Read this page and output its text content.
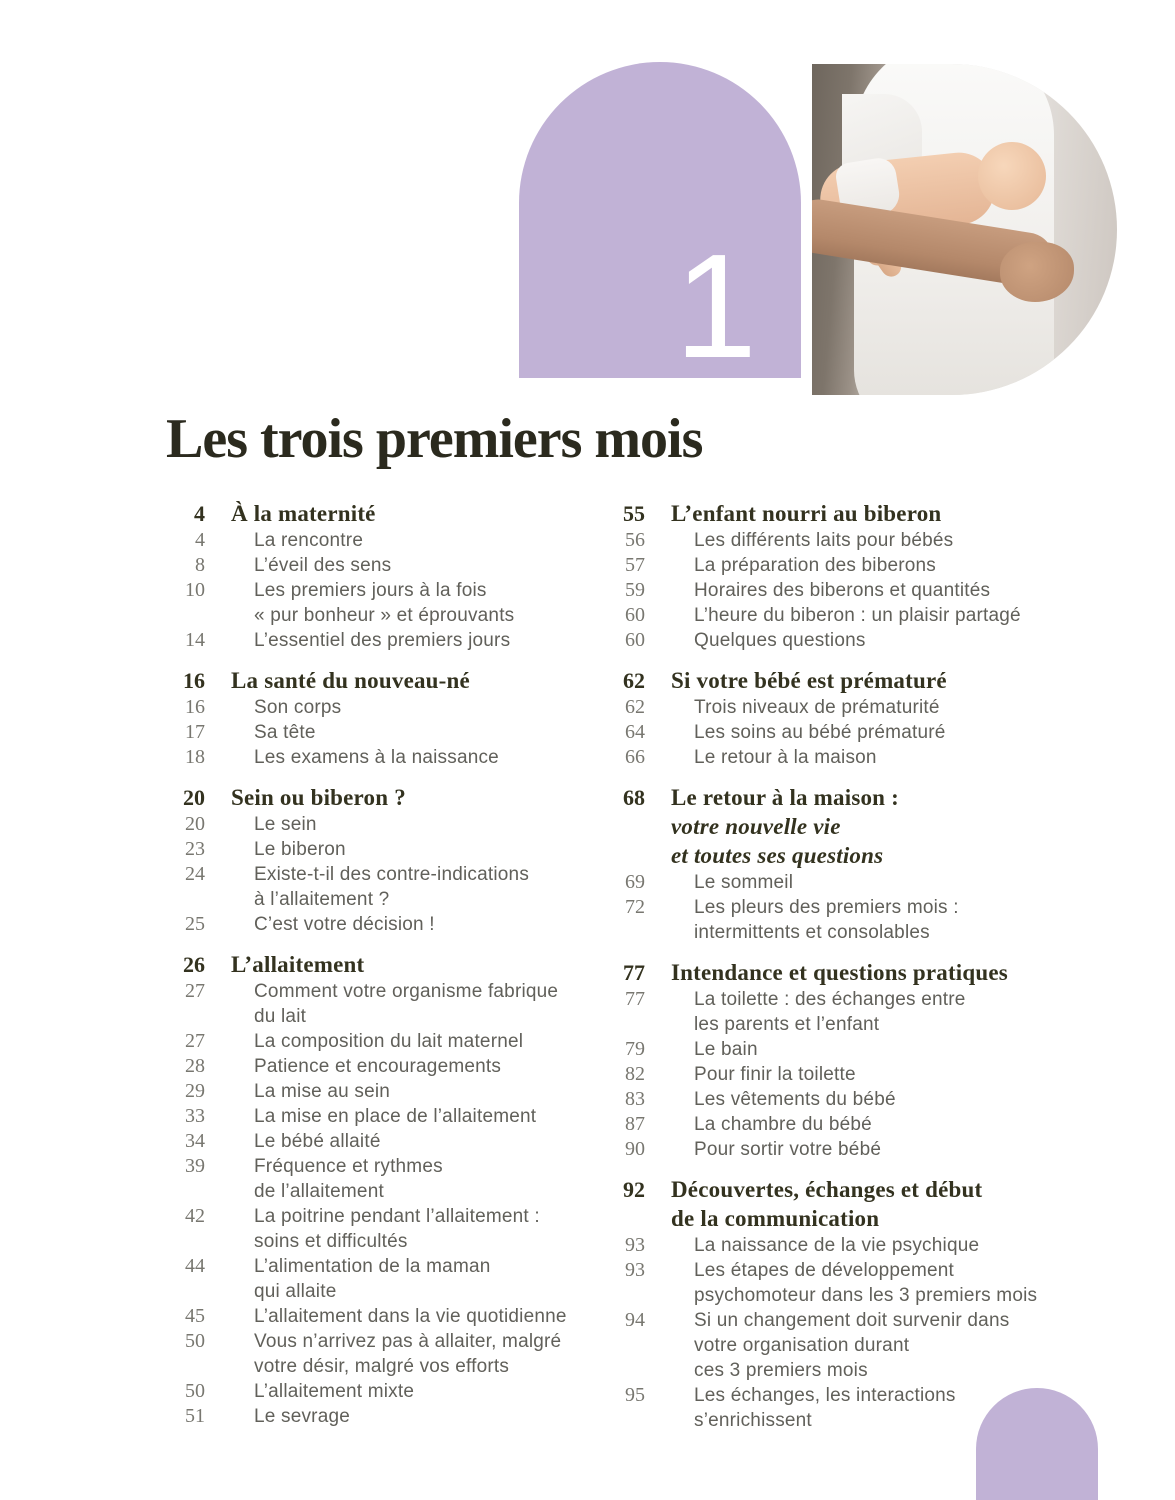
1
Les trois premiers mois
4 À la maternité
4	La rencontre
8	L’éveil des sens
10	Les premiers jours à la fois
« pur bonheur » et éprouvants
14	L’essentiel des premiers jours
16 La santé du nouveau-né
16	Son corps
17	Sa tête
18	Les examens à la naissance
20 Sein ou biberon ?
20	Le sein
23	Le biberon
24	Existe-t-il des contre-indications
à l’allaitement ?
25	C’est votre décision !
26 L’allaitement
27	Comment votre organisme fabrique
du lait
27	La composition du lait maternel
28	Patience et encouragements
29	La mise au sein
33	La mise en place de l’allaitement
34	Le bébé allaité
39	Fréquence et rythmes
de l’allaitement
42	La poitrine pendant l’allaitement :
soins et difficultés
44	L’alimentation de la maman
qui allaite
45	L’allaitement dans la vie quotidienne
50	Vous n’arrivez pas à allaiter, malgré
votre désir, malgré vos efforts
50	L’allaitement mixte
51	Le sevrage
55 L’enfant nourri au biberon
56	Les différents laits pour bébés
57	La préparation des biberons
59	Horaires des biberons et quantités
60	L’heure du biberon : un plaisir partagé
60	Quelques questions
62 Si votre bébé est prématuré
62	Trois niveaux de prématurité
64	Les soins au bébé prématuré
66	Le retour à la maison
68 Le retour à la maison :
votre nouvelle vie
et toutes ses questions
69	Le sommeil
72	Les pleurs des premiers mois :
intermittents et consolables
77 Intendance et questions pratiques
77	La toilette : des échanges entre
les parents et l’enfant
79	Le bain
82	Pour finir la toilette
83	Les vêtements du bébé
87	La chambre du bébé
90	Pour sortir votre bébé
92 Découvertes, échanges et début
de la communication
93	La naissance de la vie psychique
93	Les étapes de développement
psychomoteur dans les 3 premiers mois
94	Si un changement doit survenir dans
votre organisation durant
ces 3 premiers mois
95	Les échanges, les interactions
s’enrichissent
